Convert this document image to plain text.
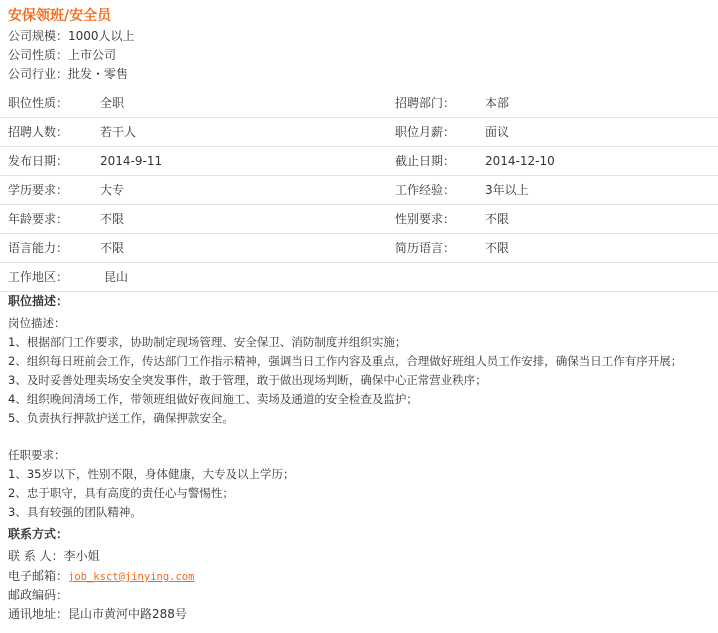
安保领班/安全员
公司规模：1000人以上
公司性质：上市公司
公司行业：批发・零售
职位性质：	全职	招聘部门： 本部
招聘人数：	若干人	职位月薪： 面议
发布日期：	2014-9-11	截止日期： 2014-12-10
学历要求：	大专	工作经验： 3年以上
年龄要求：	不限	性别要求： 不限
语言能力：	不限	简历语言： 不限
工作地区：	昆山
职位描述：
岗位描述：
1、根据部门工作要求，协助制定现场管理、安全保卫、消防制度并组织实施；
2、组织每日班前会工作，传达部门工作指示精神，强调当日工作内容及重点，合理做好班组人员工作安排，确保当日工作有序开展；
3、及时妥善处理卖场安全突发事件，敢于管理，敢于做出现场判断，确保中心正常营业秩序；
4、组织晚间清场工作，带领班组做好夜间施工、卖场及通道的安全检查及监护；
5、负责执行押款护送工作，确保押款安全。
任职要求：
1、35岁以下，性别不限，身体健康，大专及以上学历；
2、忠于职守，具有高度的责任心与警惕性；
3、具有较强的团队精神。
联系方式：
联 系 人：李小姐
电子邮箱：job_ksct@jinying.com
邮政编码：
通讯地址：昆山市黄河中路288号
